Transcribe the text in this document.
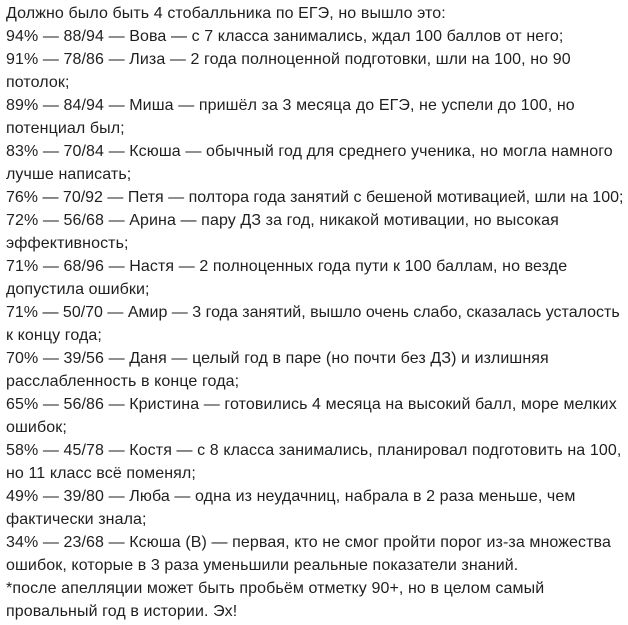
Должно было быть 4 стобалльника по ЕГЭ, но вышло это:
94% — 88/94 — Вова — с 7 класса занимались, ждал 100 баллов от него;
91% — 78/86 — Лиза — 2 года полноценной подготовки, шли на 100, но 90
потолок;
89% — 84/94 — Миша — пришёл за 3 месяца до ЕГЭ, не успели до 100, но
потенциал был;
83% — 70/84 — Ксюша — обычный год для среднего ученика, но могла намного
лучше написать;
76% — 70/92 — Петя — полтора года занятий с бешеной мотивацией, шли на 100;
72% — 56/68 — Арина — пару ДЗ за год, никакой мотивации, но высокая
эффективность;
71% — 68/96 — Настя — 2 полноценных года пути к 100 баллам, но везде
допустила ошибки;
71% — 50/70 — Амир — 3 года занятий, вышло очень слабо, сказалась усталость
к концу года;
70% — 39/56 — Даня — целый год в паре (но почти без ДЗ) и излишняя
расслабленность в конце года;
65% — 56/86 — Кристина — готовились 4 месяца на высокий балл, море мелких
ошибок;
58% — 45/78 — Костя — с 8 класса занимались, планировал подготовить на 100,
но 11 класс всё поменял;
49% — 39/80 — Люба — одна из неудачниц, набрала в 2 раза меньше, чем
фактически знала;
34% — 23/68 — Ксюша (В) — первая, кто не смог пройти порог из-за множества
ошибок, которые в 3 раза уменьшили реальные показатели знаний.
*после апелляции может быть пробьём отметку 90+, но в целом самый
провальный год в истории. Эх!
